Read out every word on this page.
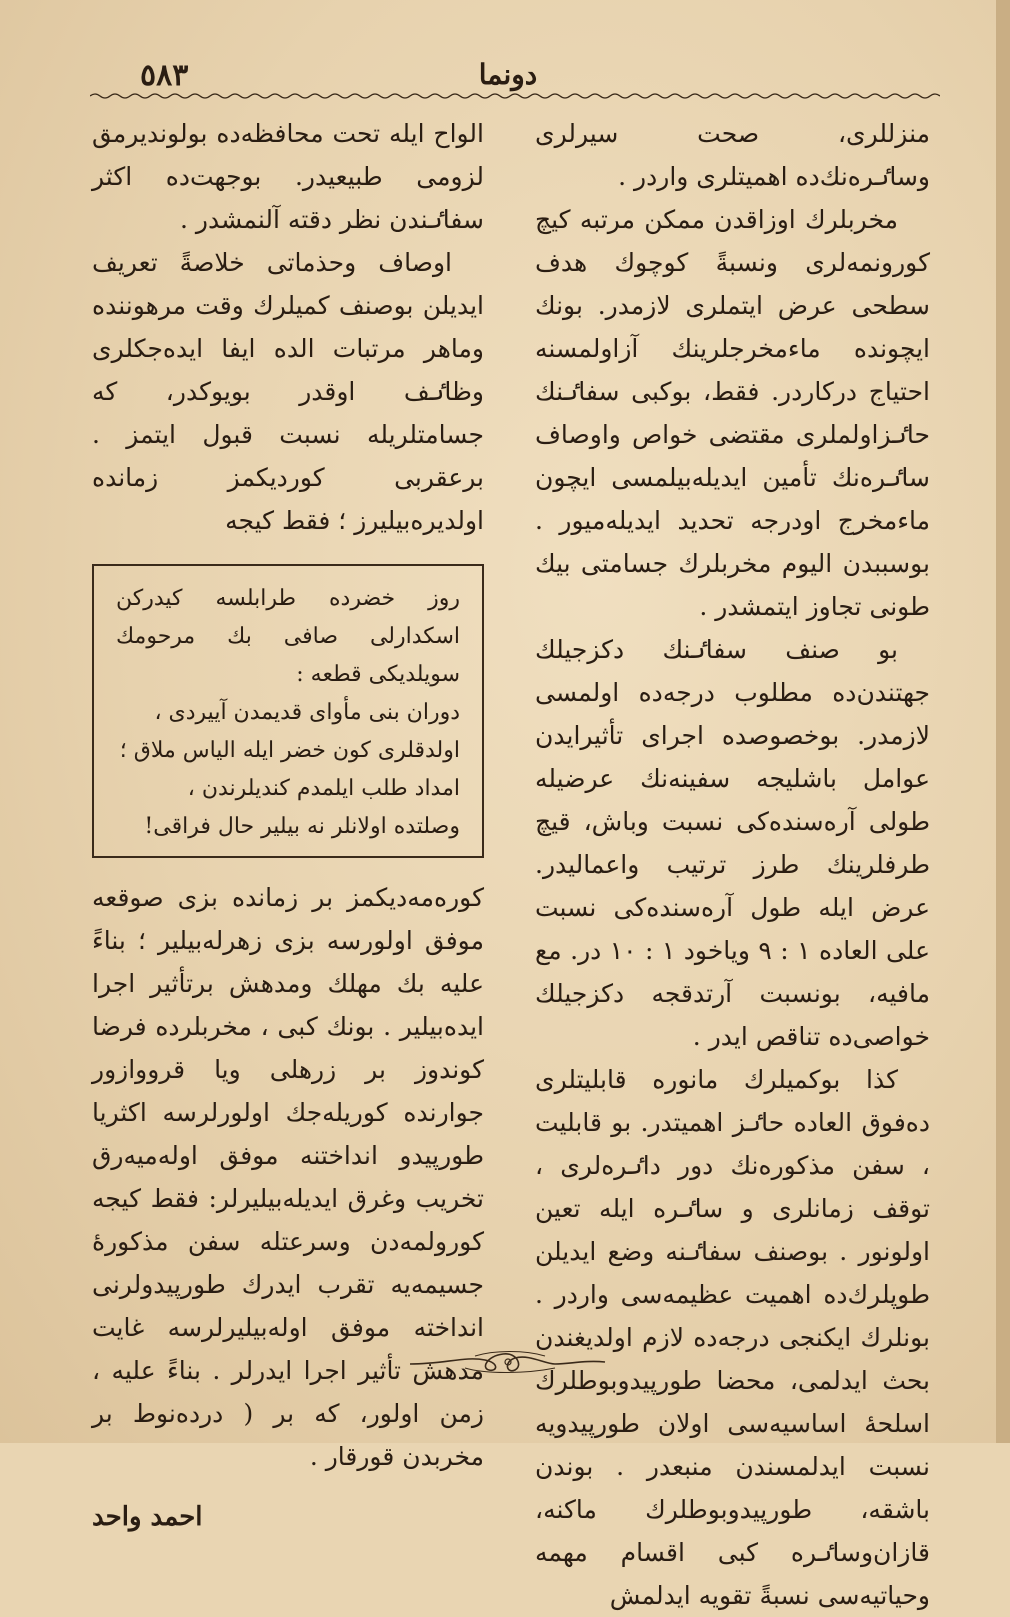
٥٨٣	دونما

منزللری، صحت سیرلری وساٸره‌نك‌ده اهمیتلری واردر .

مخربلرك اوزاقدن ممكن مرتبه كیچ كورونمه‌لری ونسبةً كوچوك هدف سطحی عرض ایتملری لازمدر. بونك ایچونده ماءمخرجلرینك آزاولمسنه احتیاج دركاردر. فقط، بوكبی سفاٸنك حاٸزاولملری مقتضی خواص واوصاف ساٸره‌نك تأمین ایدیله‌بیلمسی ایچون ماءمخرج اودرجه تحدید ایدیله‌میور . بوسببدن الیوم مخربلرك جسامتی بیك طونی تجاوز ایتمشدر .

بو صنف سفاٸنك دكزجیلك جهتندن‌ده مطلوب درجه‌ده اولمسی لازمدر. بوخصوصده اجرای تأثیرایدن عوامل باشلیجه سفینه‌نك عرضیله طولی آره‌سنده‌كی نسبت وباش، قیچ طرفلرینك طرز ترتیب واعمالیدر. عرض ایله طول آره‌سنده‌كی نسبت علی العاده ١ : ٩ ویاخود ١ : ١٠ در. مع مافیه، بونسبت آرتدقجه دكزجیلك خواصی‌ده تناقص ایدر .

كذا بوكمیلرك مانوره قابلیتلری ده‌فوق العاده حاٸز اهمیتدر. بو قابلیت ، سفن مذكوره‌نك دور داٸره‌لری ، توقف زمانلری و ساٸره ایله تعین اولونور . بوصنف سفاٸنه وضع ایدیلن طوپلرك‌ده اهمیت عظیمه‌سی واردر . بونلرك ایكنجی درجه‌ده لازم اولدیغندن بحث ایدلمی، محضا طورپیدوبوطلرك اسلحهٔ اساسیه‌سی اولان طورپیدویه نسبت ایدلمسندن منبعدر . بوندن باشقه، طورپیدوبوطلرك ماكنه، قازان‌وساٸره كبی اقسام مهمه وحیاتیه‌سی نسبةً تقویه ایدلمش

الواح ایله تحت محافظه‌ده بولوندیرمق لزومی طبیعیدر. بوجهت‌ده اكثر سفاٸندن نظر دقته آلنمشدر .

اوصاف وحذماتی خلاصةً تعریف ایدیلن بوصنف كمیلرك وقت مرهوننده وماهر مرتبات الده ایفا ایده‌جكلری وظاٸف اوقدر بویوكدر، كه جسامتلریله نسبت قبول ایتمز . برعقربی كوردیكمز زمانده اولدیره‌بیلیرز ؛ فقط كیجه

روز خضرده طرابلسه كیدركن اسكدارلی صافی بك مرحومك سویلدیكی قطعه :

دوران بنی مأوای قدیمدن آییردی ،
اولدقلری كون خضر ایله الیاس ملاق ؛
امداد طلب ایلمدم كندیلرندن ،
وصلتده اولانلر نه بیلیر حال فراقی!

كوره‌مه‌دیكمز بر زمانده بزی صوقعه موفق اولورسه بزی زهرله‌بیلیر ؛ بناءً علیه بك مهلك ومدهش برتأثیر اجرا ایده‌بیلیر . بونك كبی ، مخربلرده فرضا كوندوز بر زرهلی ویا قرووازور جوارنده كوریله‌جك اولورلرسه اكثریا طورپیدو انداختنه موفق اوله‌میه‌رق تخریب وغرق ایدیله‌بیلیرلر: فقط كیجه كورولمه‌دن وسرعتله سفن مذكورهٔ جسیمه‌یه تقرب ایدرك طورپیدولرنی انداخته موفق اوله‌بیلیرلرسه غایت مدهش تأثیر اجرا ایدرلر . بناءً علیه ، زمن اولور، كه بر ( درده‌نوط بر مخربدن قورقار .

احمد واحد
